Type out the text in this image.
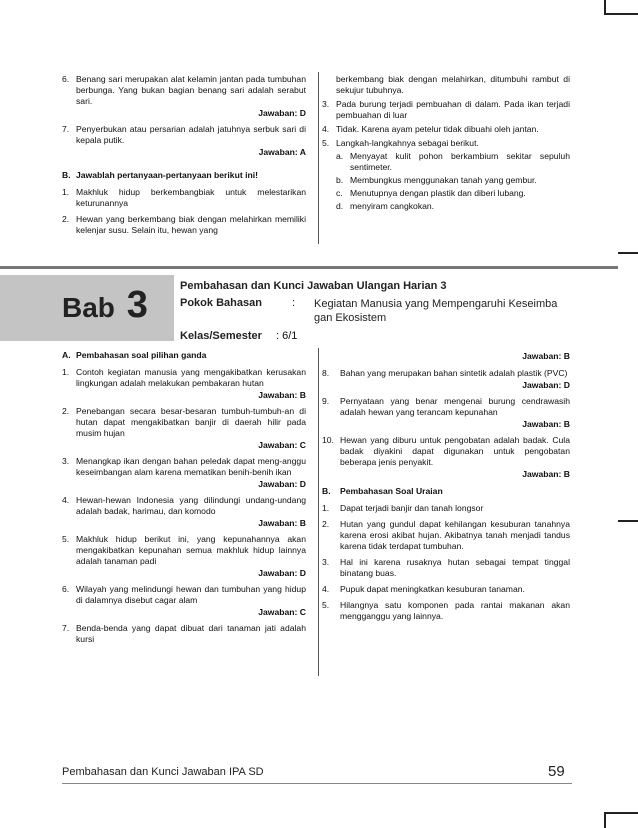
6. Benang sari merupakan alat kelamin jantan pada tumbuhan berbunga. Yang bukan bagian benang sari adalah serabut sari.
Jawaban: D
7. Penyerbukan atau persarian adalah jatuhnya serbuk sari di kepala putik.
Jawaban: A
B. Jawablah pertanyaan-pertanyaan berikut ini!
1. Makhluk hidup berkembangbiak untuk melestarikan keturunannya
2. Hewan yang berkembang biak dengan melahirkan memiliki kelenjar susu. Selain itu, hewan yang
berkembang biak dengan melahirkan, ditumbuhi rambut di sekujur tubuhnya.
3. Pada burung terjadi pembuahan di dalam. Pada ikan terjadi pembuahan di luar
4. Tidak. Karena ayam petelur tidak dibuahi oleh jantan.
5. Langkah-langkahnya sebagai berikut.
a. Menyayat kulit pohon berkambium sekitar sepuluh sentimeter.
b. Membungkus menggunakan tanah yang gembur.
c. Menutupnya dengan plastik dan diberi lubang.
d. menyiram cangkokan.
Bab 3	Pembahasan dan Kunci Jawaban Ulangan Harian 3
Pokok Bahasan	: Kegiatan Manusia yang Mempengaruhi Keseimba
gan Ekosistem
Kelas/Semester : 6/1
A. Pembahasan soal pilihan ganda
1. Contoh kegiatan manusia yang mengakibatkan kerusakan lingkungan adalah melakukan pembakaran hutan
Jawaban: B
2. Penebangan secara besar-besaran tumbuh-tumbuh-an di hutan dapat mengakibatkan banjir di daerah hilir pada musim hujan
Jawaban: C
3. Menangkap ikan dengan bahan peledak dapat meng-anggu keseimbangan alam karena mematikan benih-benih ikan
Jawaban: D
4. Hewan-hewan Indonesia yang dilindungi undang-undang adalah badak, harimau, dan komodo
Jawaban: B
5. Makhluk hidup berikut ini, yang kepunahannya akan mengakibatkan kepunahan semua makhluk hidup lainnya adalah tanaman padi
Jawaban: D
6. Wilayah yang melindungi hewan dan tumbuhan yang hidup di dalamnya disebut cagar alam
Jawaban: C
7. Benda-benda yang dapat dibuat dari tanaman jati adalah kursi
Jawaban: B
8.	Bahan yang merupakan bahan sintetik adalah plastik (PVC)
Jawaban: D
9.	Pernyataan yang benar mengenai burung cendrawasih adalah hewan yang terancam kepunahan
Jawaban: B
10. Hewan yang diburu untuk pengobatan adalah badak. Cula badak diyakini dapat digunakan untuk pengobatan beberapa jenis penyakit.
Jawaban: B
B.	Pembahasan Soal Uraian
1.	Dapat terjadi banjir dan tanah longsor
2.	Hutan yang gundul dapat kehilangan kesuburan tanahnya karena erosi akibat hujan. Akibatnya tanah menjadi tandus karena tidak terdapat tumbuhan.
3.	Hal ini karena rusaknya hutan sebagai tempat tinggal binatang buas.
4.	Pupuk dapat meningkatkan kesuburan tanaman.
5.	Hilangnya satu komponen pada rantai makanan akan mengganggu yang lainnya.
Pembahasan dan Kunci Jawaban IPA SD	59
